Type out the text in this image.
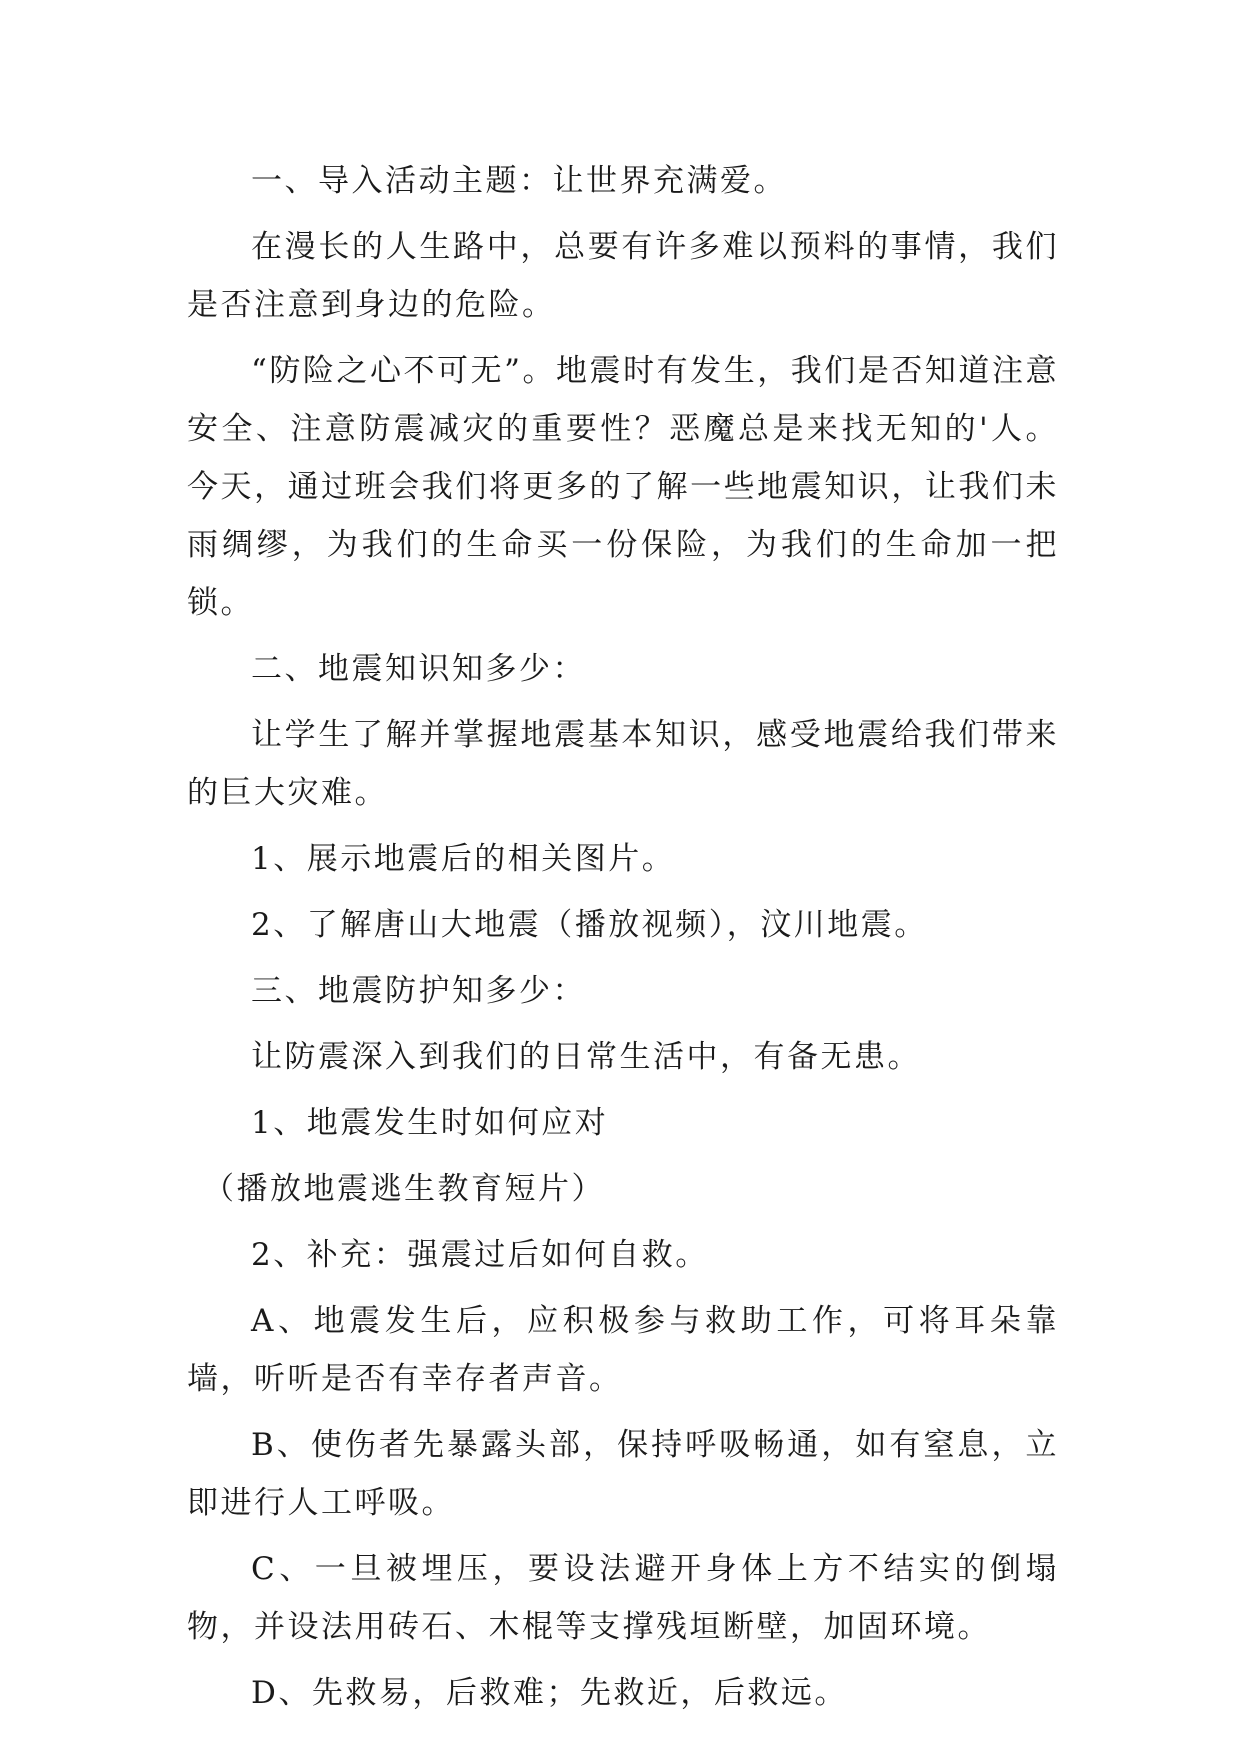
一、导入活动主题：让世界充满爱。

在漫长的人生路中，总要有许多难以预料的事情，我们是否注意到身边的危险。

“防险之心不可无”。地震时有发生，我们是否知道注意安全、注意防震减灾的重要性？恶魔总是来找无知的'人。今天，通过班会我们将更多的了解一些地震知识，让我们未雨绸缪，为我们的生命买一份保险，为我们的生命加一把锁。

二、地震知识知多少：

让学生了解并掌握地震基本知识，感受地震给我们带来的巨大灾难。

1、展示地震后的相关图片。

2、了解唐山大地震（播放视频），汶川地震。

三、地震防护知多少：

让防震深入到我们的日常生活中，有备无患。

1、地震发生时如何应对

（播放地震逃生教育短片）

2、补充：强震过后如何自救。

A、地震发生后，应积极参与救助工作，可将耳朵靠墙，听听是否有幸存者声音。

B、使伤者先暴露头部，保持呼吸畅通，如有窒息，立即进行人工呼吸。

C、一旦被埋压，要设法避开身体上方不结实的倒塌物，并设法用砖石、木棍等支撑残垣断壁，加固环境。

D、先救易，后救难；先救近，后救远。
